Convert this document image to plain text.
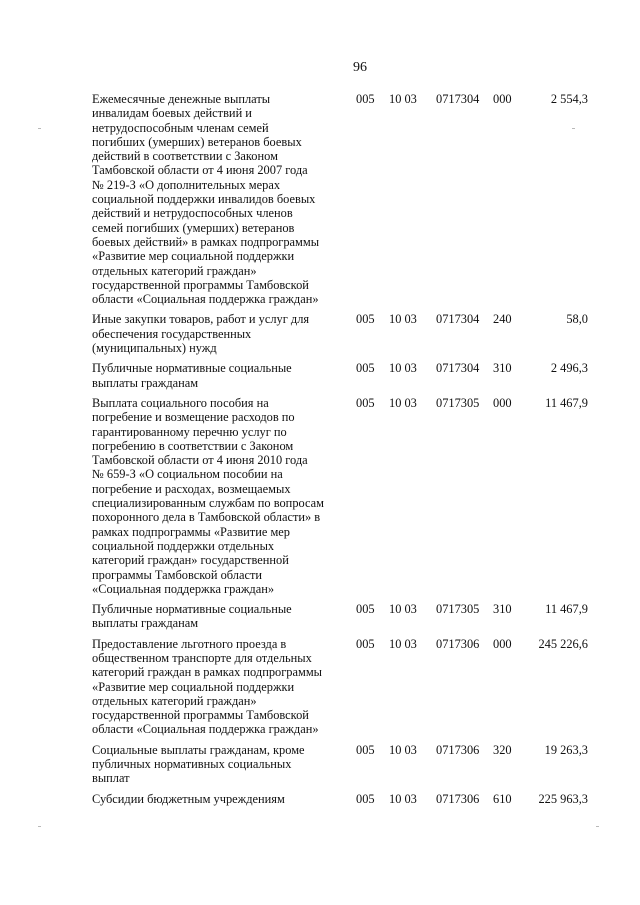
96
Ежемесячные денежные выплаты
инвалидам боевых действий и
нетрудоспособным членам семей
погибших (умерших) ветеранов боевых
действий в соответствии с Законом
Тамбовской области от 4 июня 2007 года
№ 219-З «О дополнительных мерах
социальной поддержки инвалидов боевых
действий и нетрудоспособных членов
семей погибших (умерших) ветеранов
боевых действий» в рамках подпрограммы
«Развитие мер социальной поддержки
отдельных категорий граждан»
государственной программы Тамбовской
области «Социальная поддержка граждан»
005 10 03 0717304 000	2 554,3
Иные закупки товаров, работ и услуг для
обеспечения государственных
(муниципальных) нужд
005 10 03 0717304 240	58,0
Публичные нормативные социальные
выплаты гражданам
005 10 03 0717304 310	2 496,3
Выплата социального пособия на
погребение и возмещение расходов по
гарантированному перечню услуг по
погребению в соответствии с Законом
Тамбовской области от 4 июня 2010 года
№ 659-З «О социальном пособии на
погребение и расходах, возмещаемых
специализированным службам по вопросам
похоронного дела в Тамбовской области» в
рамках подпрограммы «Развитие мер
социальной поддержки отдельных
категорий граждан» государственной
программы Тамбовской области
«Социальная поддержка граждан»
005 10 03 0717305 000	11 467,9
Публичные нормативные социальные
выплаты гражданам
005 10 03 0717305 310	11 467,9
Предоставление льготного проезда в
общественном транспорте для отдельных
категорий граждан в рамках подпрограммы
«Развитие мер социальной поддержки
отдельных категорий граждан»
государственной программы Тамбовской
области «Социальная поддержка граждан»
005 10 03 0717306 000 245 226,6
Социальные выплаты гражданам, кроме
публичных нормативных социальных
выплат
005 10 03 0717306 320	19 263,3
Субсидии бюджетным учреждениям	005 10 03 0717306 610 225 963,3
